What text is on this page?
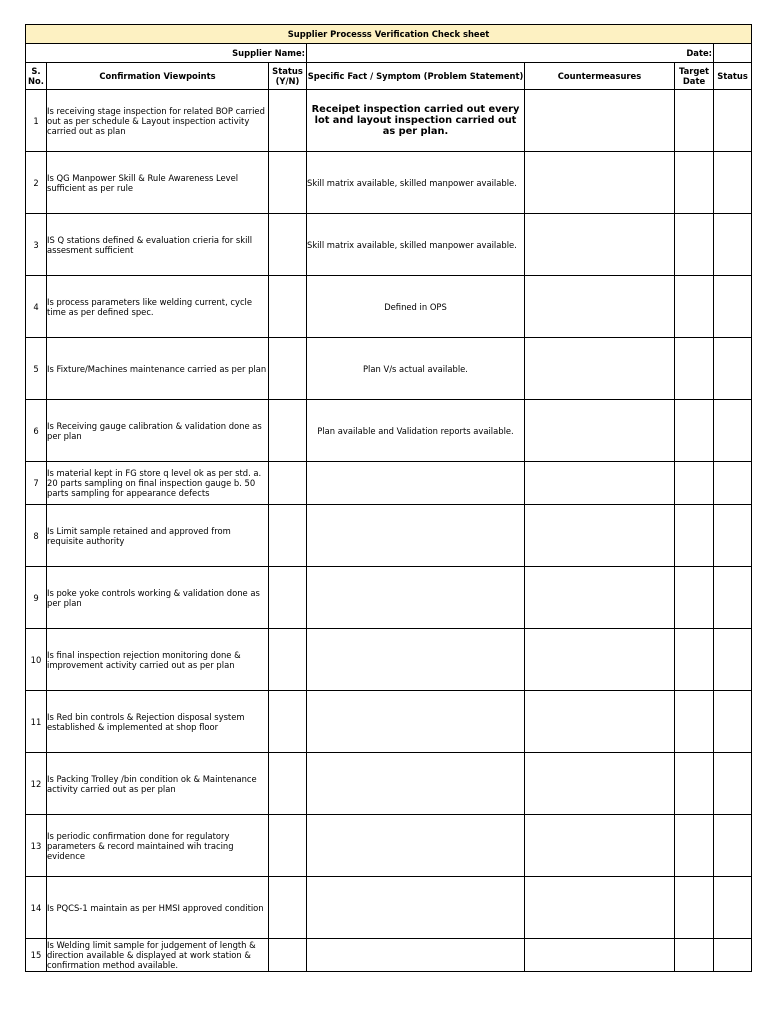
Supplier Processs Verification Check sheet						
Supplier Name:			Date:			
S. No.	Confirmation Viewpoints	Status (Y/N)	Specific Fact / Symptom (Problem Statement)	Countermeasures	Target Date	Status
1	Is receiving stage inspection for related BOP carried out as per schedule & Layout inspection activity carried out as plan		Receipet inspection carried out every lot and layout inspection carried out as per plan.			
2	Is QG Manpower Skill & Rule Awareness Level sufficient as per rule		Skill matrix available, skilled manpower available.			
3	IS Q stations defined & evaluation crieria for skill assesment sufficient		Skill matrix available, skilled manpower available.			
4	Is process parameters like welding current, cycle time as per defined spec.		Defined in OPS			
5	Is Fixture/Machines maintenance carried as per plan		Plan V/s actual available.			
6	Is Receiving gauge calibration & validation done as per plan		Plan available and Validation reports available.			
7	Is material kept in FG store q level ok as per std. a. 20 parts sampling on final inspection gauge b. 50 parts sampling for appearance defects					
8	Is Limit sample retained and approved from requisite authority					
9	Is poke yoke controls working & validation done as per plan					
10	Is final inspection rejection monitoring done & improvement activity carried out as per plan					
11	Is Red bin controls & Rejection disposal system established & implemented at shop floor					
12	Is Packing Trolley /bin condition ok & Maintenance activity carried out as per plan					
13	Is periodic confirmation done for regulatory parameters & record maintained wih tracing evidence					
14	Is PQCS-1 maintain as per HMSI approved condition					
15	Is Welding limit sample for judgement of length & direction available & displayed at work station & confirmation method available.					
